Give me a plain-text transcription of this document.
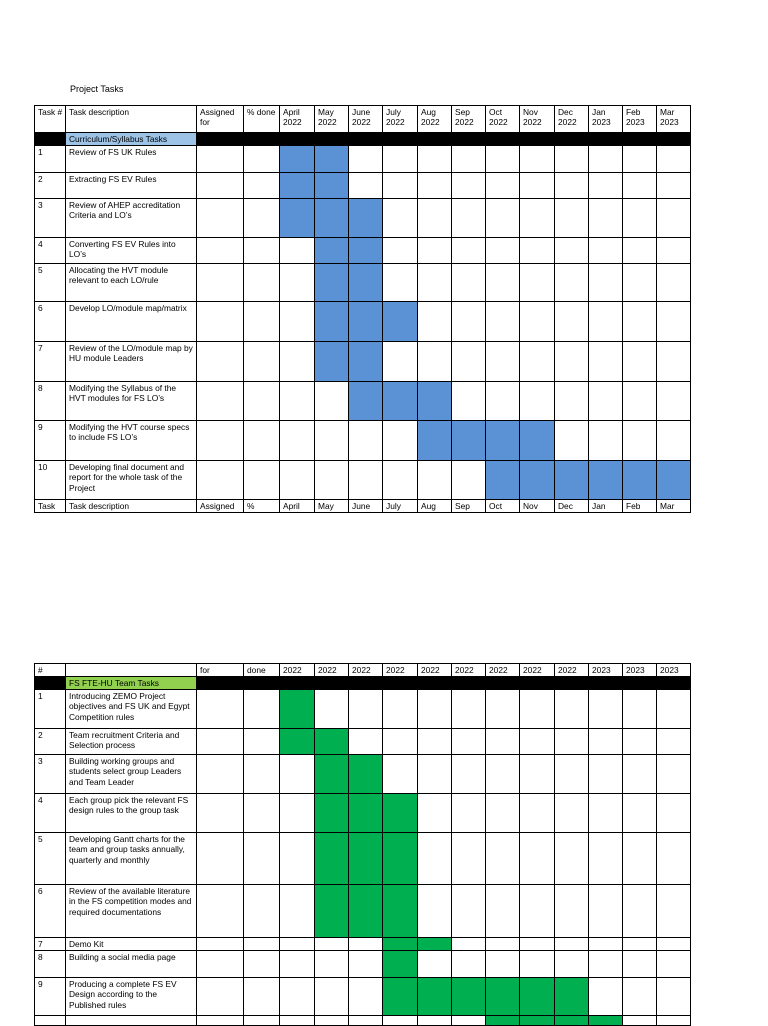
Project Tasks
Task #	Task description	Assigned for	% done	April 2022	May 2022	June 2022	July 2022	Aug 2022	Sep 2022	Oct 2022	Nov 2022	Dec 2022	Jan 2023	Feb 2023	Mar 2023
	Curriculum/Syllabus Tasks														
1	Review of FS UK Rules														
2	Extracting FS EV Rules														
3	Review of AHEP accreditation Criteria and LO’s														
4	Converting FS EV Rules into LO’s														
5	Allocating the HVT module relevant to each LO/rule														
6	Develop LO/module map/matrix														
7	Review of the LO/module map by HU module Leaders														
8	Modifying the Syllabus of the HVT modules for FS LO’s														
9	Modifying the HVT course specs to include FS LO’s														
10	Developing final document and report for the whole task of the Project														
Task	Task description	Assigned	%	April	May	June	July	Aug	Sep	Oct	Nov	Dec	Jan	Feb	Mar
#		for	done	2022	2022	2022	2022	2022	2022	2022	2022	2022	2023	2023	2023
	FS FTE-HU Team Tasks														
1	Introducing ZEMO Project objectives and FS UK and Egypt Competition rules														
2	Team recruitment Criteria and Selection process														
3	Building working groups and students select group Leaders and Team Leader														
4	Each group pick the relevant FS design rules to the group task														
5	Developing Gantt charts for the team and group tasks annually, quarterly and monthly														
6	Review of the available literature in the FS competition modes and required documentations														
7	Demo Kit														
8	Building a social media page														
9	Producing a complete FS EV Design according to the Published rules														
